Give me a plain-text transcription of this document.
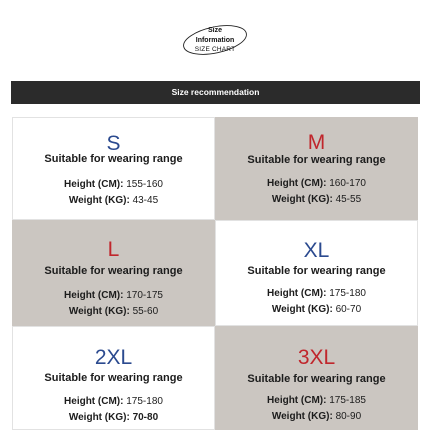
Size
Information
SIZE CHART
Size recommendation
S
Suitable for wearing range
Height (CM): 155-160
Weight (KG): 43-45
M
Suitable for wearing range
Height (CM): 160-170
Weight (KG): 45-55
L
Suitable for wearing range
Height (CM): 170-175
Weight (KG): 55-60
XL
Suitable for wearing range
Height (CM): 175-180
Weight (KG): 60-70
2XL
Suitable for wearing range
Height (CM): 175-180
Weight (KG): 70-80
3XL
Suitable for wearing range
Height (CM): 175-185
Weight (KG): 80-90
